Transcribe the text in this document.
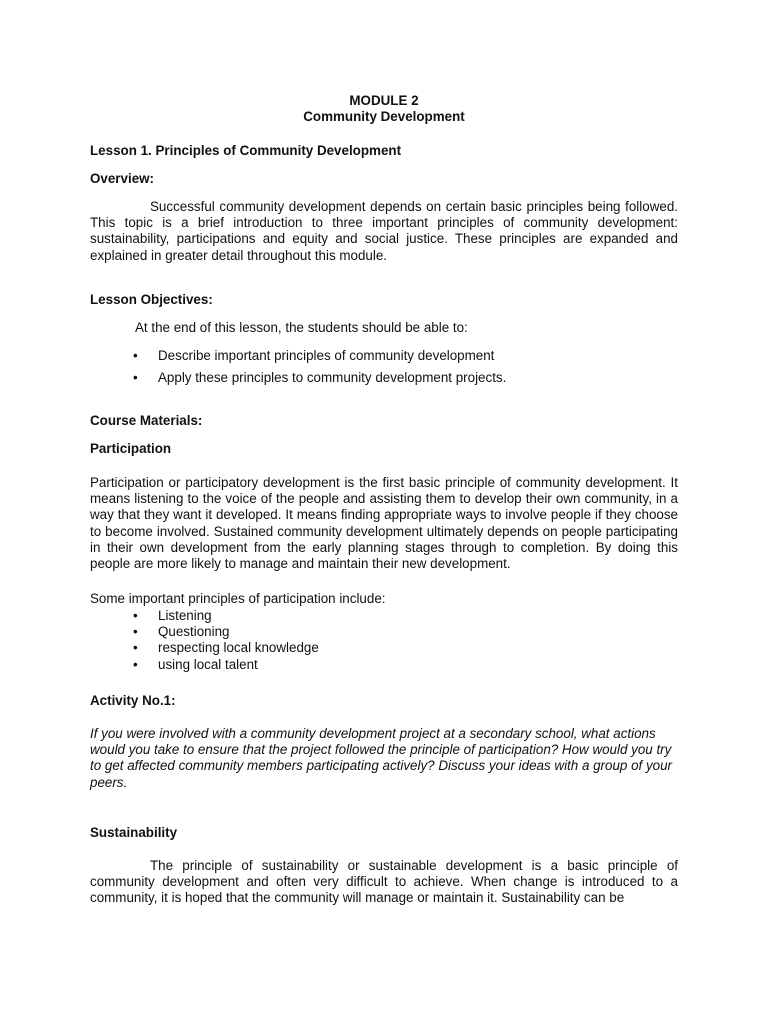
MODULE 2
Community Development
Lesson 1. Principles of Community Development
Overview:
Successful community development depends on certain basic principles being followed. This topic is a brief introduction to three important principles of community development: sustainability, participations and equity and social justice. These principles are expanded and explained in greater detail throughout this module.
Lesson Objectives:
At the end of this lesson, the students should be able to:
• Describe important principles of community development
• Apply these principles to community development projects.
Course Materials:
Participation
Participation or participatory development is the first basic principle of community development. It means listening to the voice of the people and assisting them to develop their own community, in a way that they want it developed. It means finding appropriate ways to involve people if they choose to become involved. Sustained community development ultimately depends on people participating in their own development from the early planning stages through to completion. By doing this people are more likely to manage and maintain their new development.
Some important principles of participation include:
• Listening
• Questioning
• respecting local knowledge
• using local talent
Activity No.1:
If you were involved with a community development project at a secondary school, what actions would you take to ensure that the project followed the principle of participation? How would you try to get affected community members participating actively? Discuss your ideas with a group of your peers.
Sustainability
The principle of sustainability or sustainable development is a basic principle of community development and often very difficult to achieve. When change is introduced to a community, it is hoped that the community will manage or maintain it. Sustainability can be
